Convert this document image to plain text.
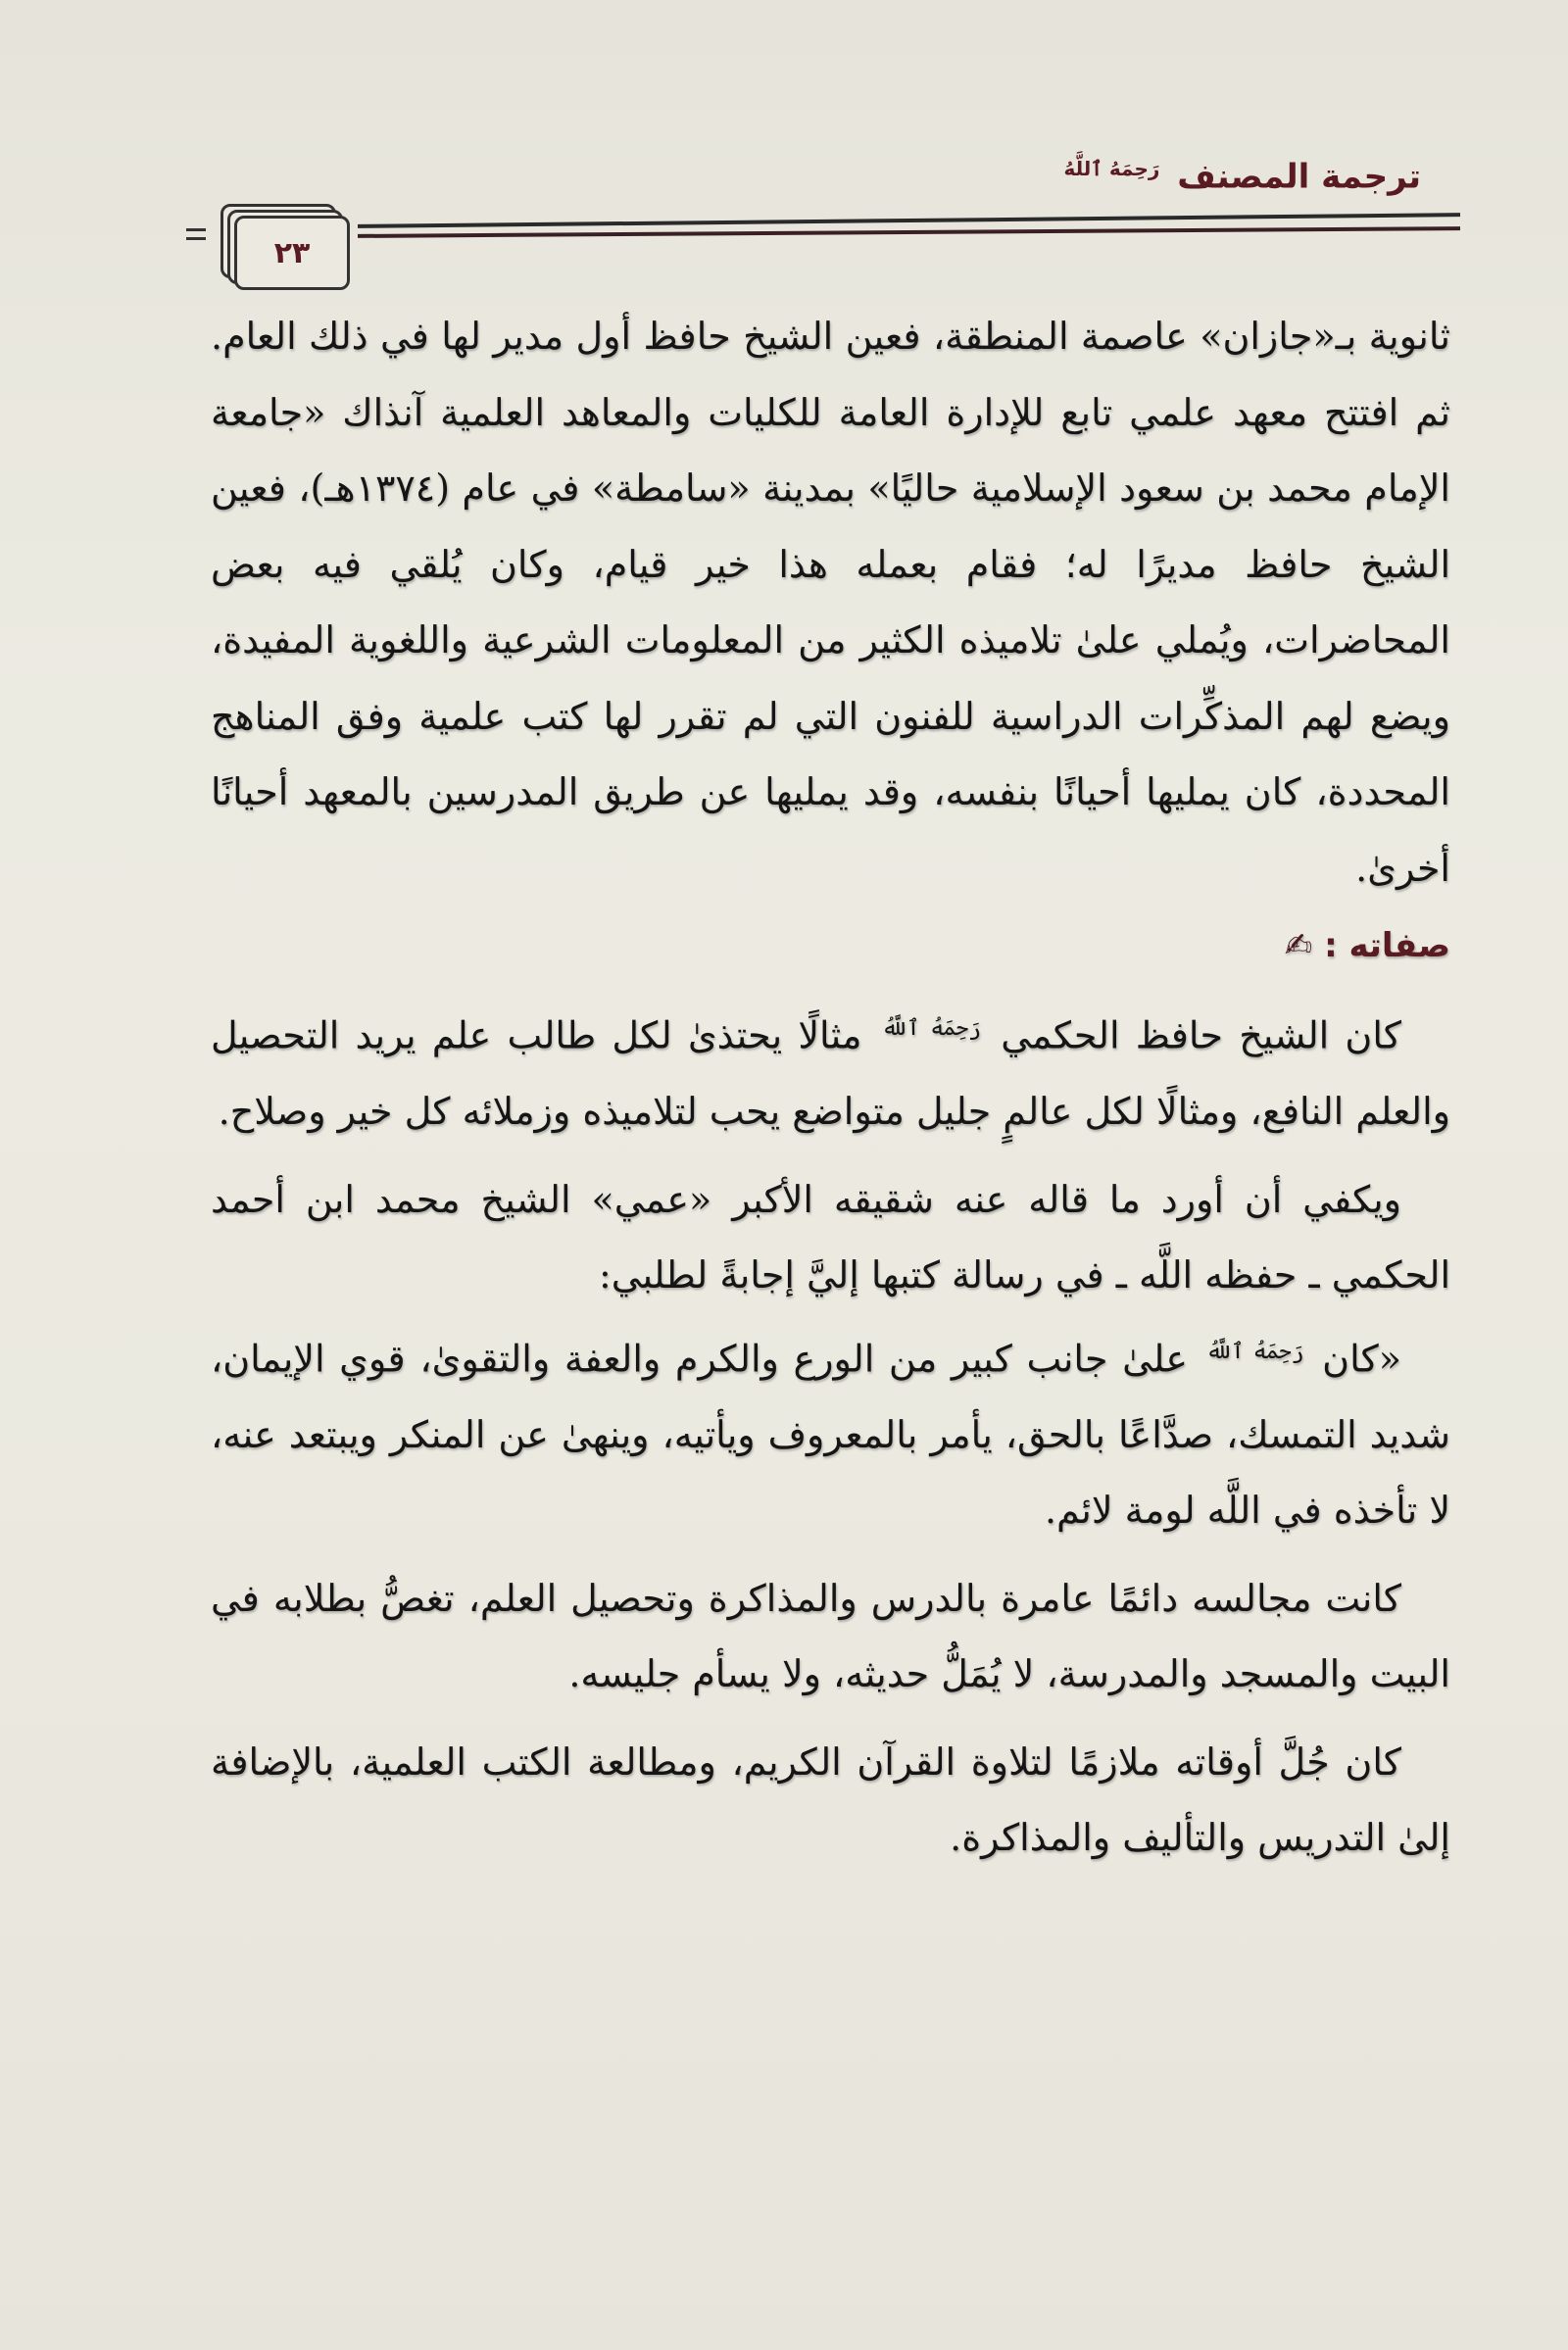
ترجمة المصنف $^{رَحِمَهُ ٱللَّهُ}$
٢٣

ثانوية بـ«جازان» عاصمة المنطقة، فعين الشيخ حافظ أول مدير لها في ذلك العام. ثم افتتح معهد علمي تابع للإدارة العامة للكليات والمعاهد العلمية آنذاك «جامعة الإمام محمد بن سعود الإسلامية حاليًا» بمدينة «سامطة» في عام (١٣٧٤هـ)، فعين الشيخ حافظ مديرًا له؛ فقام بعمله هذا خير قيام، وكان يُلقي فيه بعض المحاضرات، ويُملي علىٰ تلاميذه الكثير من المعلومات الشرعية واللغوية المفيدة، ويضع لهم المذكِّرات الدراسية للفنون التي لم تقرر لها كتب علمية وفق المناهج المحددة، كان يمليها أحيانًا بنفسه، وقد يمليها عن طريق المدرسين بالمعهد أحيانًا أخرىٰ.

صفاته :
✍

كان الشيخ حافظ الحكمي $^{رَحِمَهُ ٱللَّهُ}$ مثالًا يحتذىٰ لكل طالب علم يريد التحصيل والعلم النافع، ومثالًا لكل عالمٍ جليل متواضع يحب لتلاميذه وزملائه كل خير وصلاح.

ويكفي أن أورد ما قاله عنه شقيقه الأكبر «عمي» الشيخ محمد ابن أحمد الحكمي ـ حفظه اللَّه ـ في رسالة كتبها إليَّ إجابةً لطلبي:

«كان $^{رَحِمَهُ ٱللَّهُ}$ علىٰ جانب كبير من الورع والكرم والعفة والتقوىٰ، قوي الإيمان، شديد التمسك، صدَّاعًا بالحق، يأمر بالمعروف ويأتيه، وينهىٰ عن المنكر ويبتعد عنه، لا تأخذه في اللَّه لومة لائم.

كانت مجالسه دائمًا عامرة بالدرس والمذاكرة وتحصيل العلم، تغصُّ بطلابه في البيت والمسجد والمدرسة، لا يُمَلُّ حديثه، ولا يسأم جليسه.

كان جُلَّ أوقاته ملازمًا لتلاوة القرآن الكريم، ومطالعة الكتب العلمية، بالإضافة إلىٰ التدريس والتأليف والمذاكرة.
